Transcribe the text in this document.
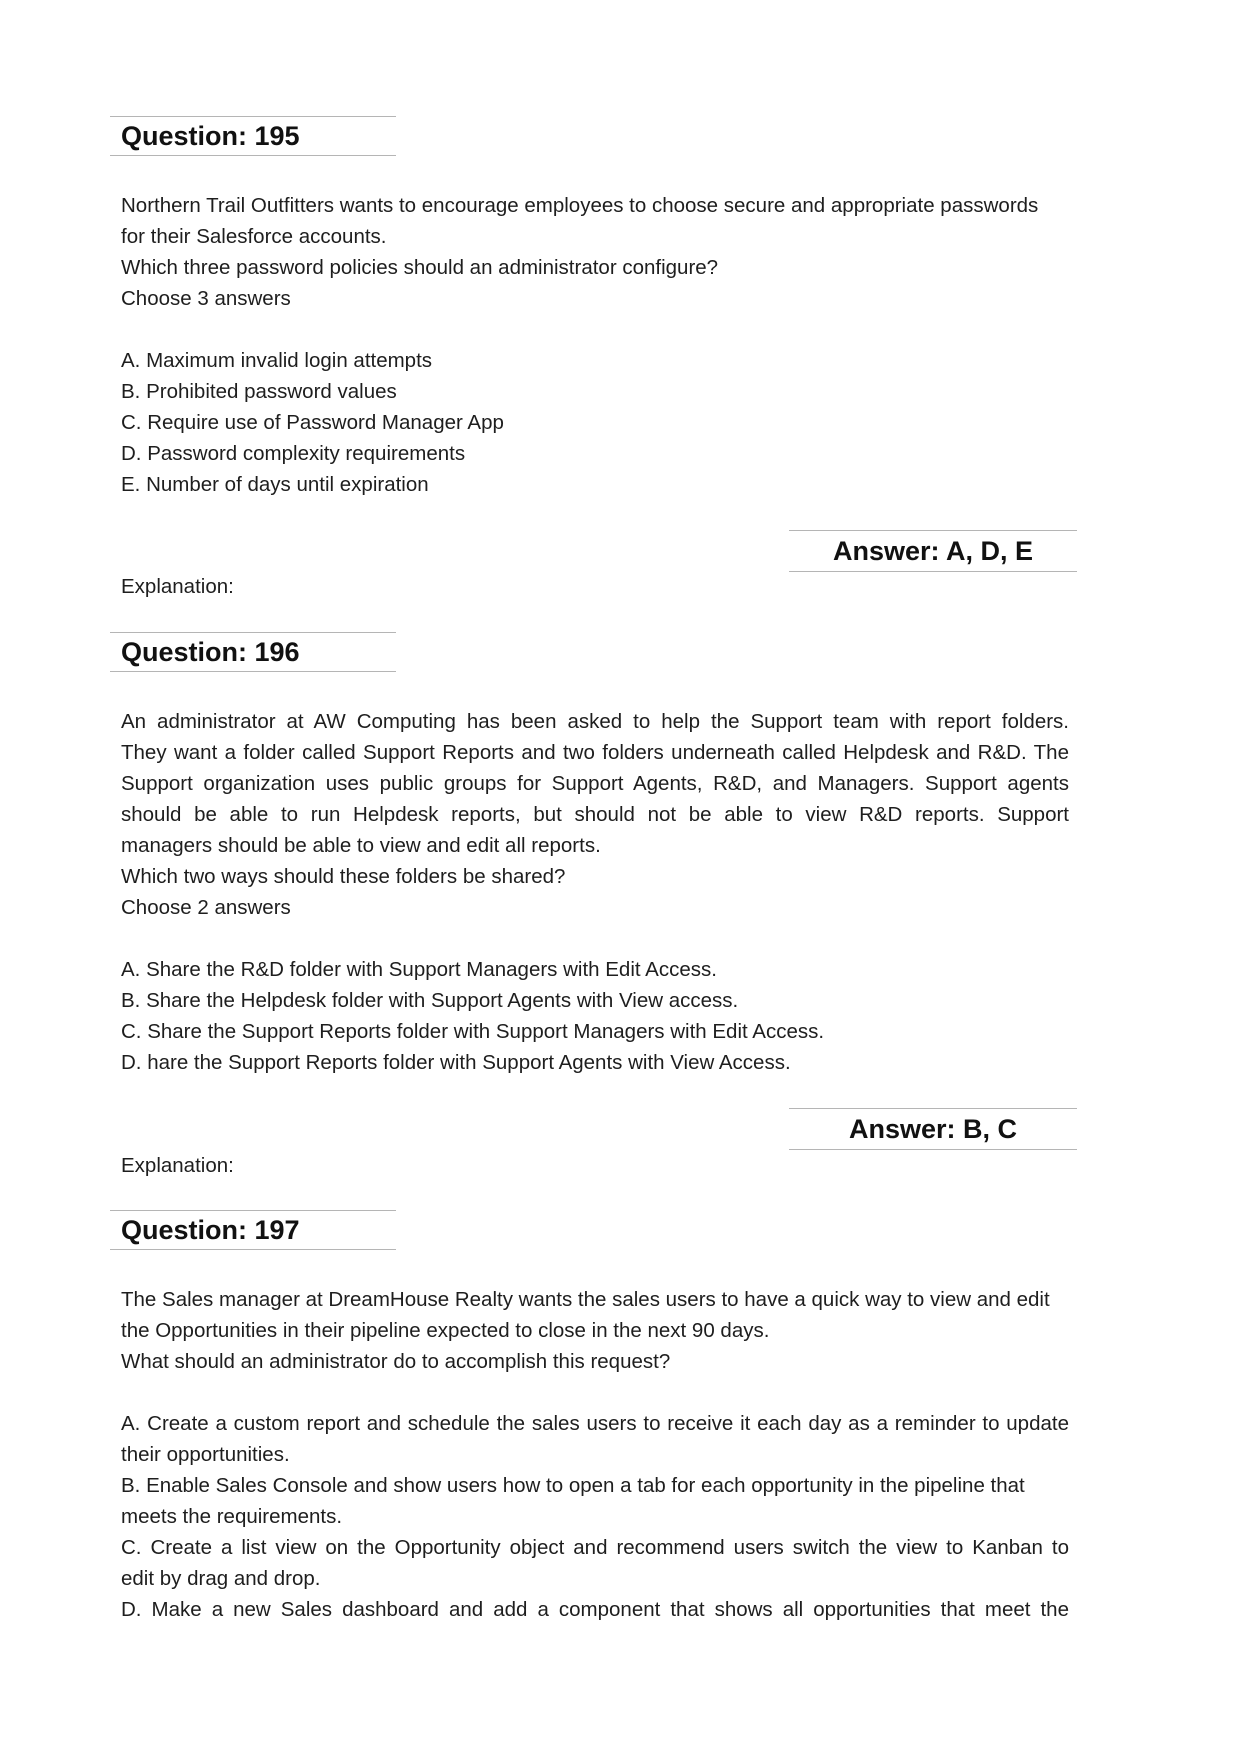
Question: 195
Northern Trail Outfitters wants to encourage employees to choose secure and appropriate passwords
for their Salesforce accounts.
Which three password policies should an administrator configure?
Choose 3 answers
A. Maximum invalid login attempts
B. Prohibited password values
C. Require use of Password Manager App
D. Password complexity requirements
E. Number of days until expiration
Answer: A, D, E
Explanation:
Question: 196
An administrator at AW Computing has been asked to help the Support team with report folders.
They want a folder called Support Reports and two folders underneath called Helpdesk and R&D. The
Support organization uses public groups for Support Agents, R&D, and Managers. Support agents
should be able to run Helpdesk reports, but should not be able to view R&D reports. Support
managers should be able to view and edit all reports.
Which two ways should these folders be shared?
Choose 2 answers
A. Share the R&D folder with Support Managers with Edit Access.
B. Share the Helpdesk folder with Support Agents with View access.
C. Share the Support Reports folder with Support Managers with Edit Access.
D. hare the Support Reports folder with Support Agents with View Access.
Answer: B, C
Explanation:
Question: 197
The Sales manager at DreamHouse Realty wants the sales users to have a quick way to view and edit
the Opportunities in their pipeline expected to close in the next 90 days.
What should an administrator do to accomplish this request?
A. Create a custom report and schedule the sales users to receive it each day as a reminder to update
their opportunities.
B. Enable Sales Console and show users how to open a tab for each opportunity in the pipeline that
meets the requirements.
C. Create a list view on the Opportunity object and recommend users switch the view to Kanban to
edit by drag and drop.
D. Make a new Sales dashboard and add a component that shows all opportunities that meet the
